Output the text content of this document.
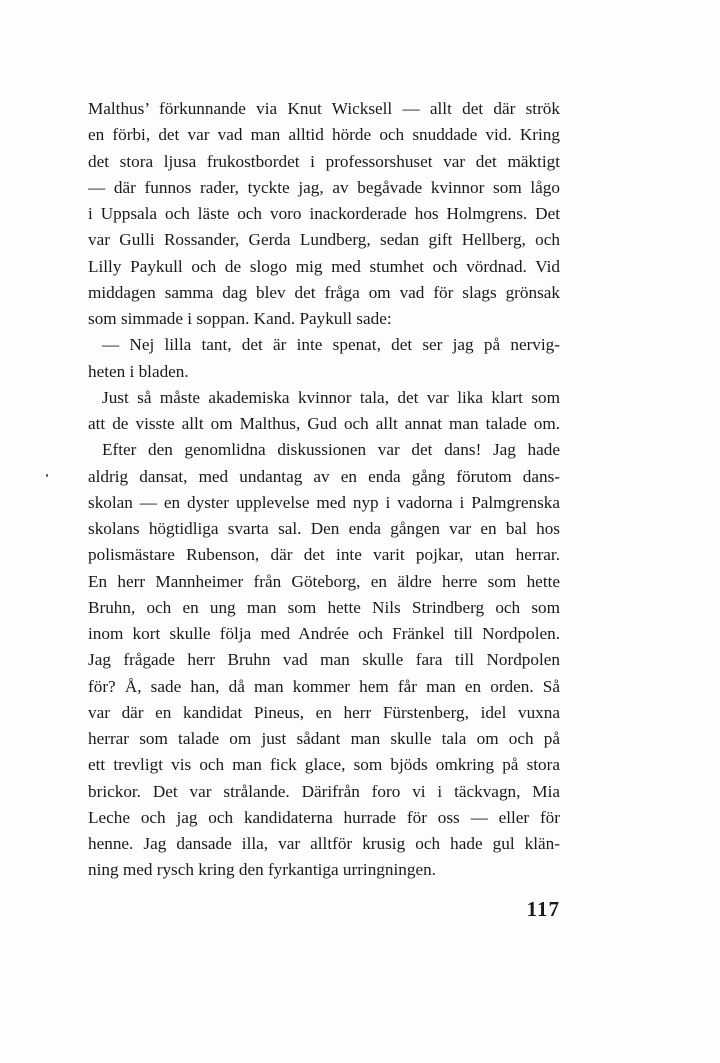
Malthus’ förkunnande via Knut Wicksell — allt det där strök
en förbi, det var vad man alltid hörde och snuddade vid. Kring
det stora ljusa frukostbordet i professorshuset var det mäktigt
— där funnos rader, tyckte jag, av begåvade kvinnor som lågo
i Uppsala och läste och voro inackorderade hos Holmgrens. Det
var Gulli Rossander, Gerda Lundberg, sedan gift Hellberg, och
Lilly Paykull och de slogo mig med stumhet och vördnad. Vid
middagen samma dag blev det fråga om vad för slags grönsak
som simmade i soppan. Kand. Paykull sade:
— Nej lilla tant, det är inte spenat, det ser jag på nervig-
heten i bladen.
Just så måste akademiska kvinnor tala, det var lika klart som
att de visste allt om Malthus, Gud och allt annat man talade om.
Efter den genomlidna diskussionen var det dans! Jag hade
aldrig dansat, med undantag av en enda gång förutom dans-
skolan — en dyster upplevelse med nyp i vadorna i Palmgrenska
skolans högtidliga svarta sal. Den enda gången var en bal hos
polismästare Rubenson, där det inte varit pojkar, utan herrar.
En herr Mannheimer från Göteborg, en äldre herre som hette
Bruhn, och en ung man som hette Nils Strindberg och som
inom kort skulle följa med Andrée och Fränkel till Nordpolen.
Jag frågade herr Bruhn vad man skulle fara till Nordpolen
för? Å, sade han, då man kommer hem får man en orden. Så
var där en kandidat Pineus, en herr Fürstenberg, idel vuxna
herrar som talade om just sådant man skulle tala om och på
ett trevligt vis och man fick glace, som bjöds omkring på stora
brickor. Det var strålande. Därifrån foro vi i täckvagn, Mia
Leche och jag och kandidaterna hurrade för oss — eller för
henne. Jag dansade illa, var alltför krusig och hade gul klän-
ning med rysch kring den fyrkantiga urringningen.
117
